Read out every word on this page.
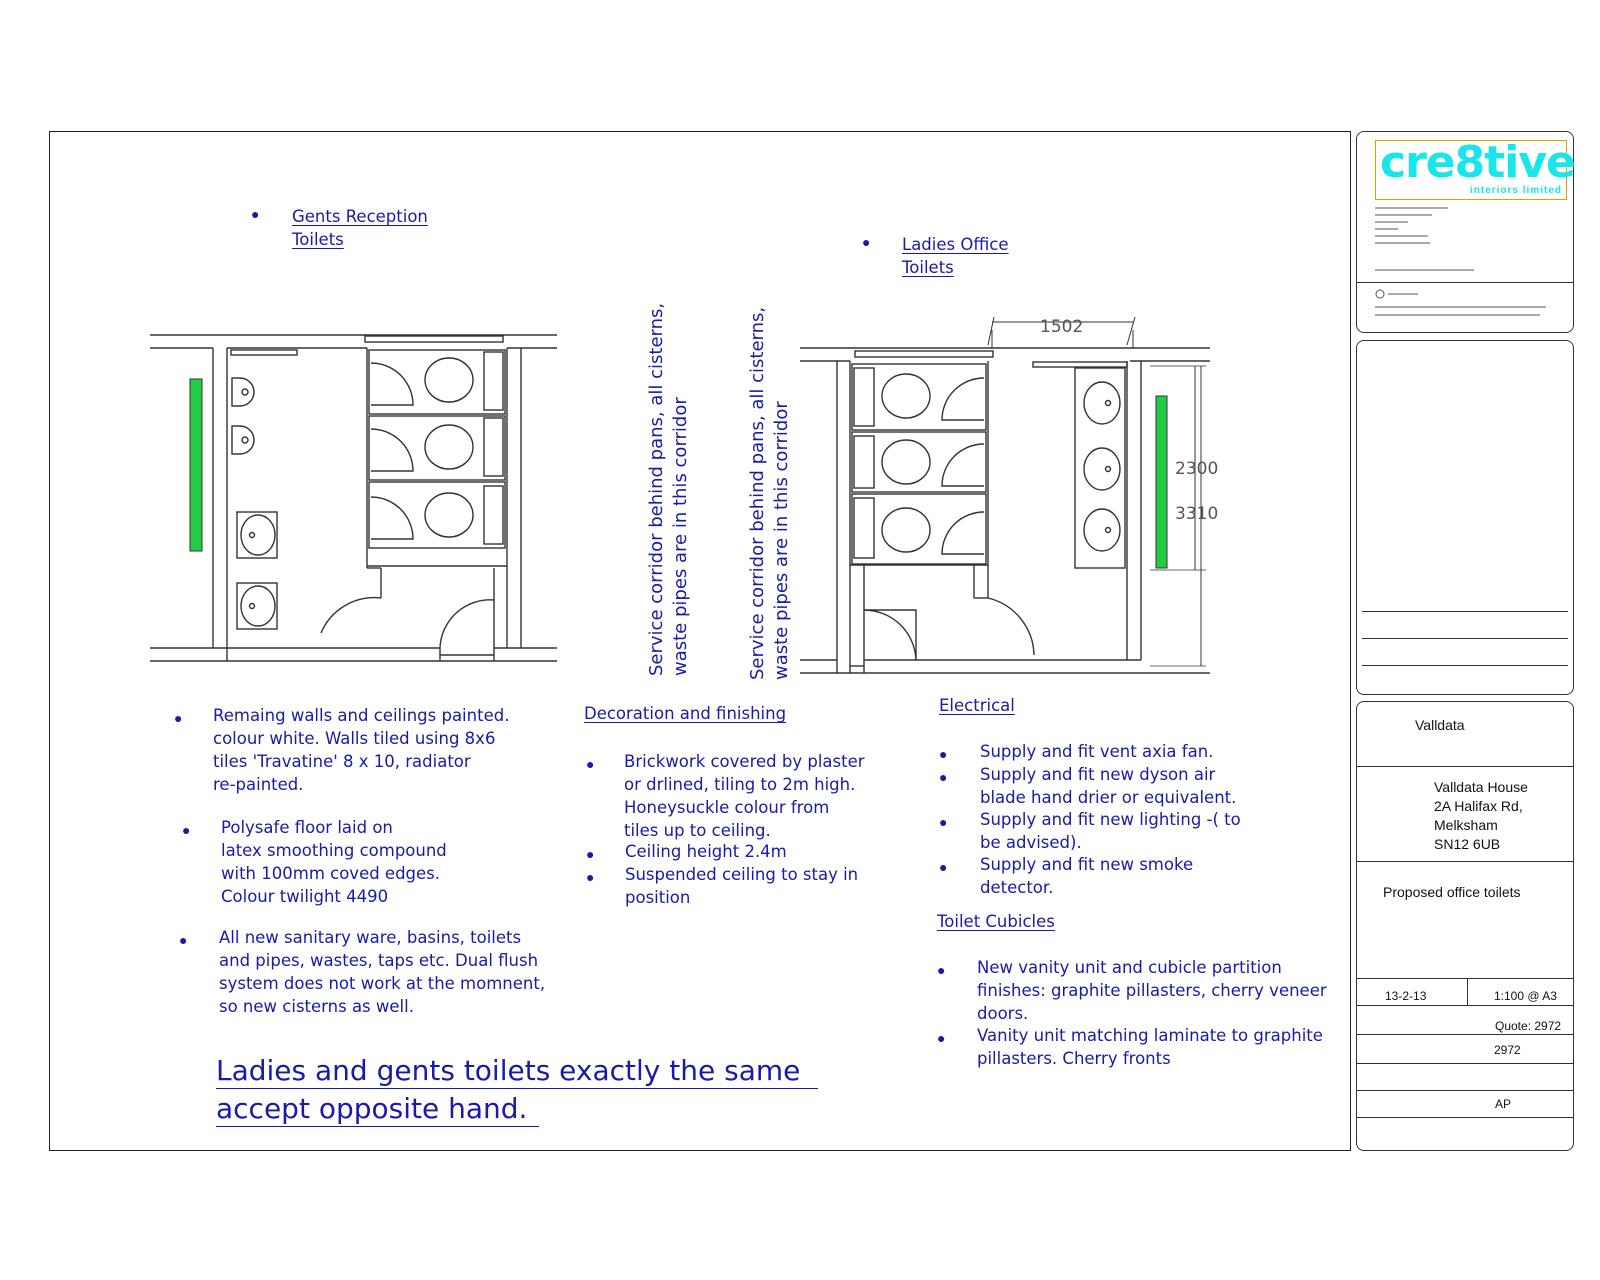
● Gents Reception
Toilets	● Ladies Office
Toilets
1502
2300
3310
Service corridor behind pans, all cisterns, waste pipes are in this corridor	Service corridor behind pans, all cisterns, waste pipes are in this corridor
● Remaing walls and ceilings painted.
colour white. Walls tiled using 8x6
tiles 'Travatine' 8 x 10, radiator
re-painted.
● Polysafe floor laid on
latex smoothing compound
with 100mm coved edges.
Colour twilight 4490
● All new sanitary ware, basins, toilets
and pipes, wastes, taps etc. Dual flush
system does not work at the momnent,
so new cisterns as well.
Decoration and finishing
● Brickwork covered by plaster
or drlined, tiling to 2m high.
Honeysuckle colour from
tiles up to ceiling.
● Ceiling height 2.4m
● Suspended ceiling to stay in
position
Electrical
● Supply and fit vent axia fan.
● Supply and fit new dyson air
blade hand drier or equivalent.
● Supply and fit new lighting -( to
be advised).
● Supply and fit new smoke
detector.
Toilet Cubicles
● New vanity unit and cubicle partition
finishes: graphite pillasters, cherry veneer
doors.
● Vanity unit matching laminate to graphite
pillasters. Cherry fronts
Ladies and gents toilets exactly the same
accept opposite hand.
cre8tive
interiors limited
Valldata
Valldata House
2A Halifax Rd,
Melksham
SN12 6UB
Proposed office toilets
13-2-13	1:100 @ A3
Quote: 2972
2972
AP
